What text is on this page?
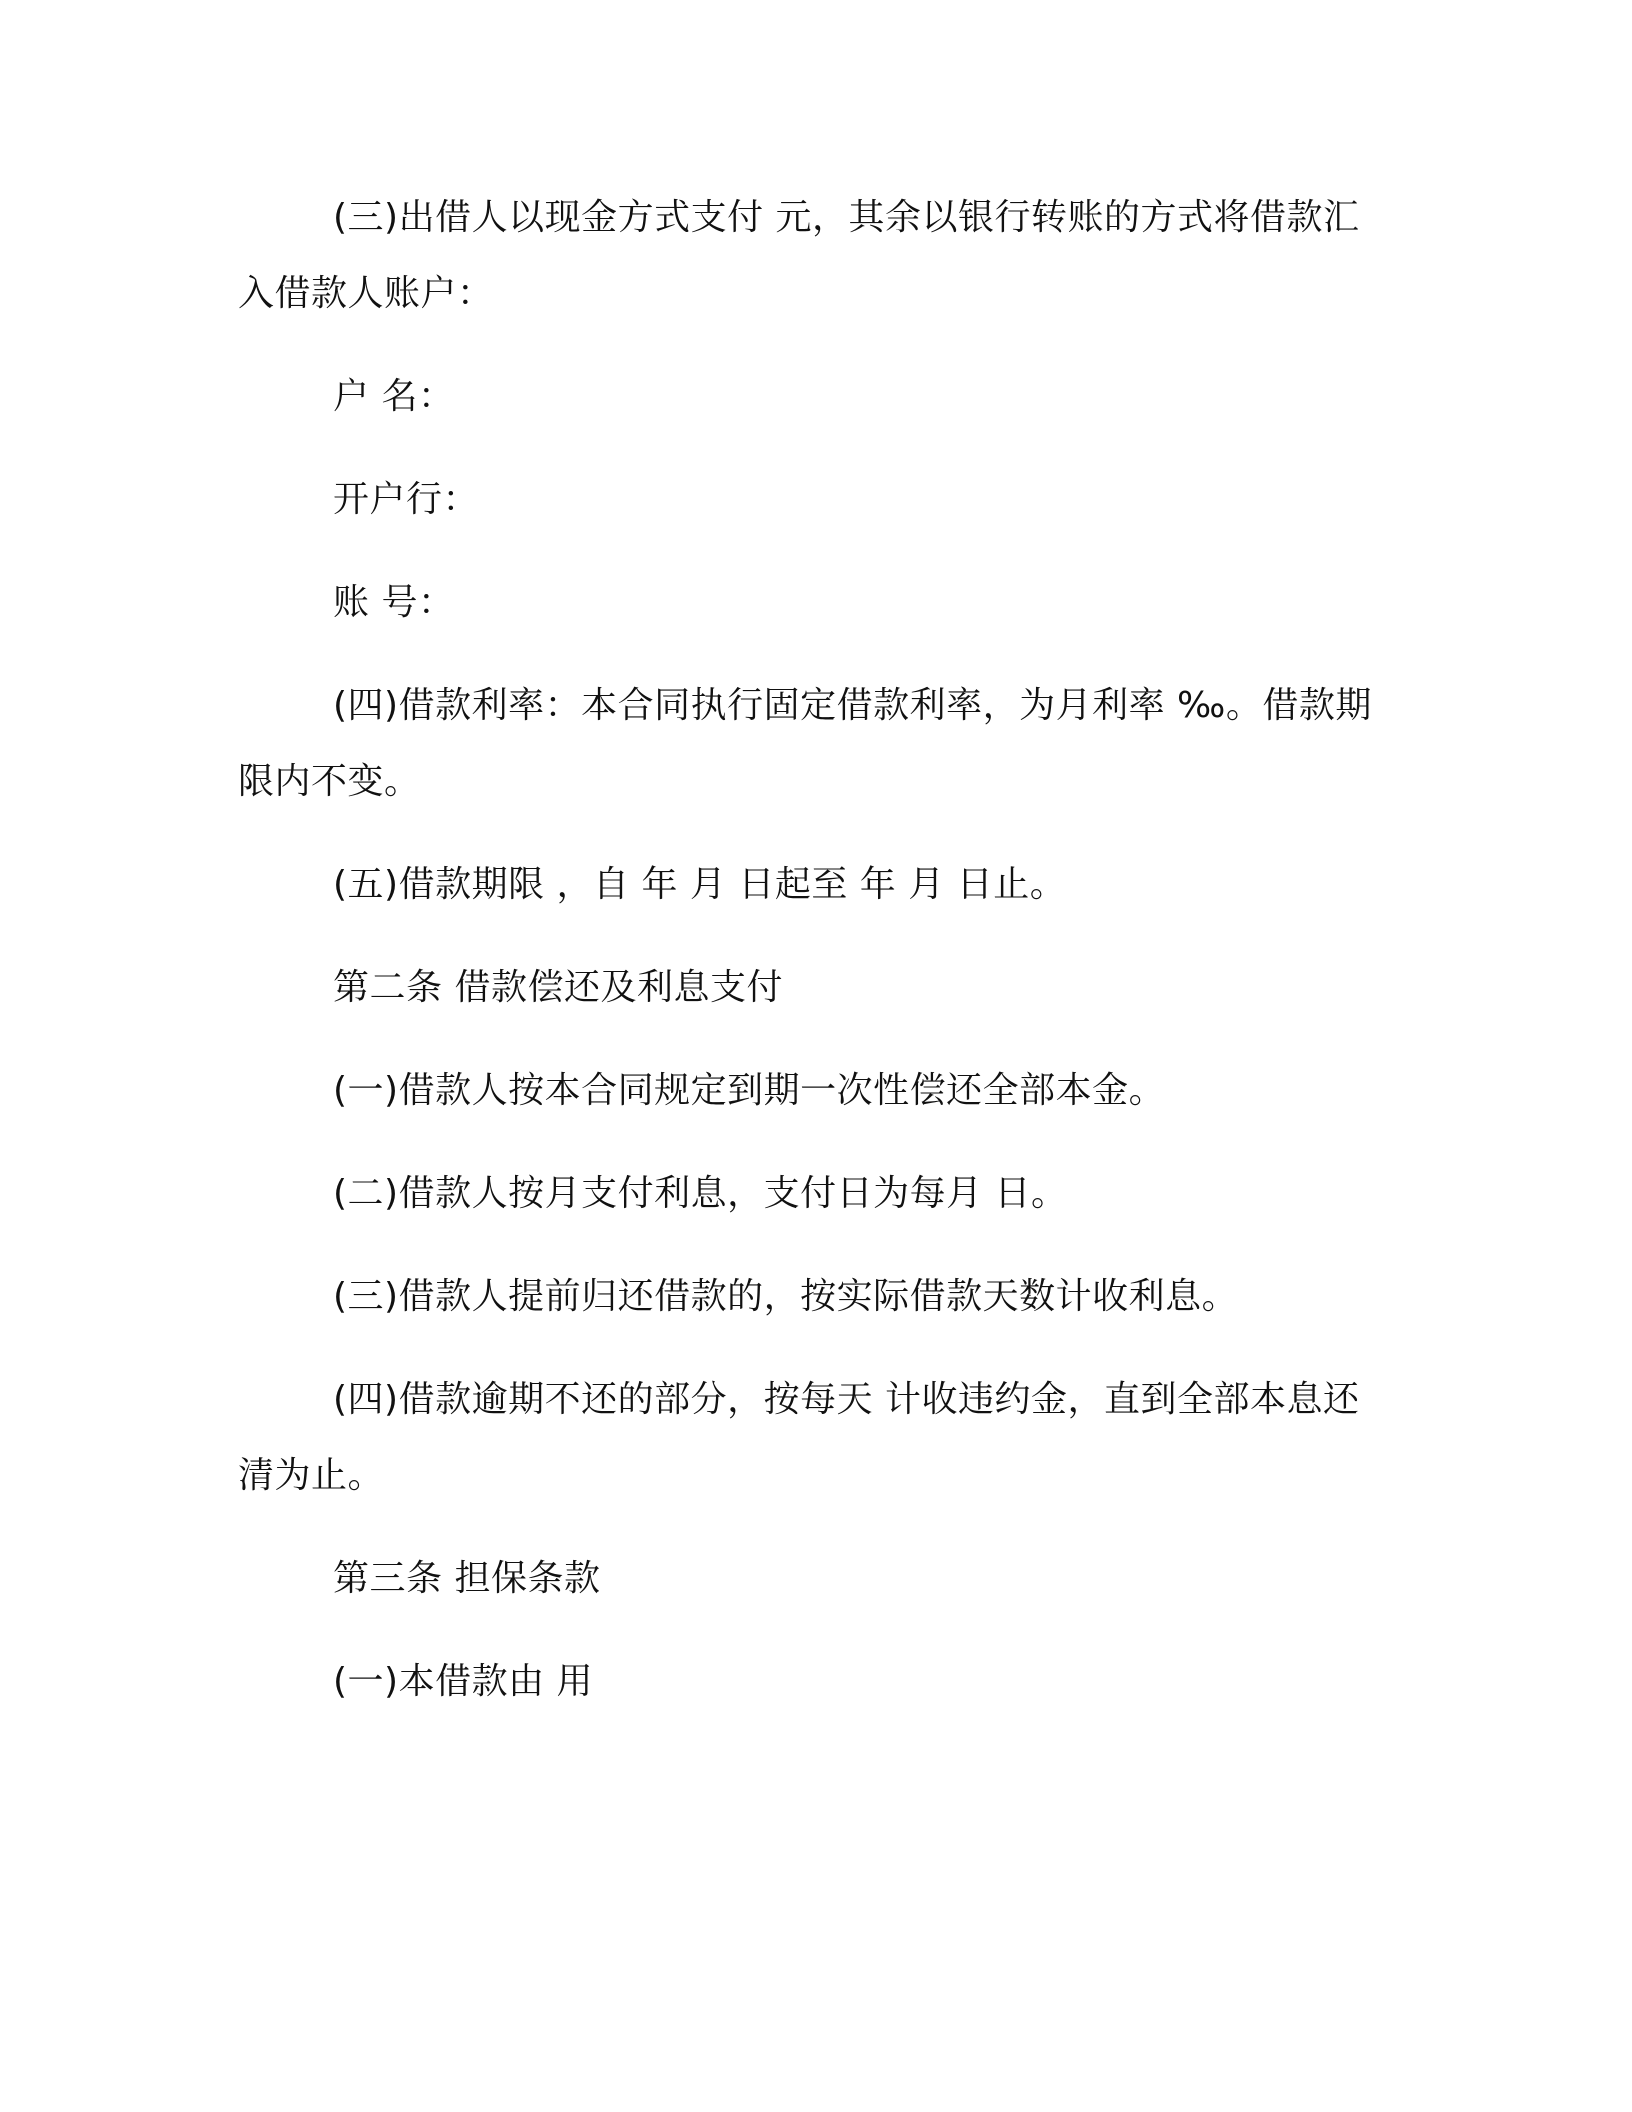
(三)出借人以现金方式支付 元，其余以银行转账的方式将借款汇
入借款人账户：
户 名：
开户行：
账 号：
(四)借款利率：本合同执行固定借款利率，为月利率 ‰。借款期
限内不变。
(五)借款期限 ，自 年 月 日起至 年 月 日止。
第二条 借款偿还及利息支付
(一)借款人按本合同规定到期一次性偿还全部本金。
(二)借款人按月支付利息，支付日为每月 日。
(三)借款人提前归还借款的，按实际借款天数计收利息。
(四)借款逾期不还的部分，按每天 计收违约金，直到全部本息还
清为止。
第三条 担保条款
(一)本借款由 用
